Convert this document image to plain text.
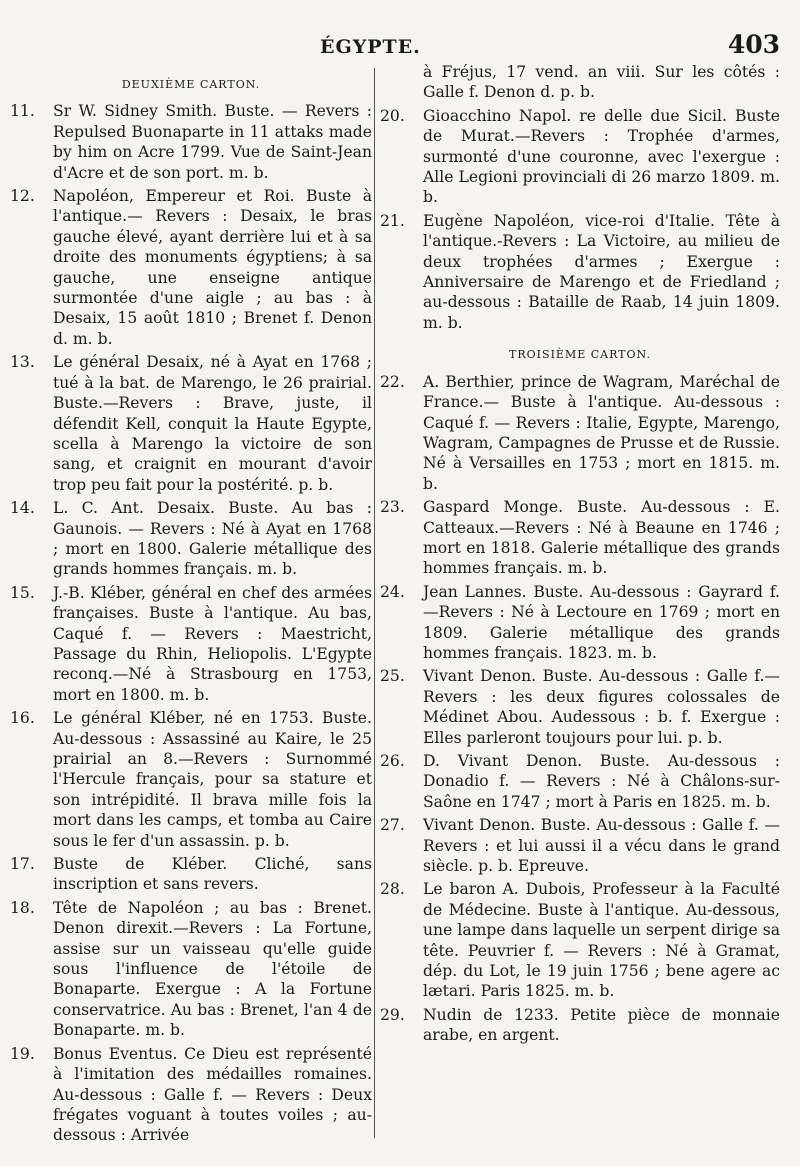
ÉGYPTE.	403
DEUXIÈME CARTON.
11. Sr W. Sidney Smith. Buste. — Revers : Repulsed Buonaparte in 11 attaks made by him on Acre 1799. Vue de Saint-Jean d'Acre et de son port. m. b.
12. Napoléon, Empereur et Roi. Buste à l'antique.— Revers : Desaix, le bras gauche élevé, ayant derrière lui et à sa droite des monuments égyptiens; à sa gauche, une enseigne antique surmontée d'une aigle ; au bas : à Desaix, 15 août 1810 ; Brenet f. Denon d. m. b.
13. Le général Desaix, né à Ayat en 1768 ; tué à la bat. de Marengo, le 26 prairial. Buste.—Revers : Brave, juste, il défendit Kell, conquit la Haute Egypte, scella à Marengo la victoire de son sang, et craignit en mourant d'avoir trop peu fait pour la postérité. p. b.
14. L. C. Ant. Desaix. Buste. Au bas : Gaunois. — Revers : Né à Ayat en 1768 ; mort en 1800. Galerie métallique des grands hommes français. m. b.
15. J.-B. Kléber, général en chef des armées françaises. Buste à l'antique. Au bas, Caqué f. — Revers : Maestricht, Passage du Rhin, Heliopolis. L'Egypte reconq.—Né à Strasbourg en 1753, mort en 1800. m. b.
16. Le général Kléber, né en 1753. Buste. Au-dessous : Assassiné au Kaire, le 25 prairial an 8.—Revers : Surnommé l'Hercule français, pour sa stature et son intrépidité. Il brava mille fois la mort dans les camps, et tomba au Caire sous le fer d'un assassin. p. b.
17. Buste de Kléber. Cliché, sans inscription et sans revers.
18. Tête de Napoléon ; au bas : Brenet. Denon direxit.—Revers : La Fortune, assise sur un vaisseau qu'elle guide sous l'influence de l'étoile de Bonaparte. Exergue : A la Fortune conservatrice. Au bas : Brenet, l'an 4 de Bonaparte. m. b.
19. Bonus Eventus. Ce Dieu est représenté à l'imitation des médailles romaines. Au-dessous : Galle f. — Revers : Deux frégates voguant à toutes voiles ; au-dessous : Arrivée
à Fréjus, 17 vend. an viii. Sur les côtés : Galle f. Denon d. p. b.
20. Gioacchino Napol. re delle due Sicil. Buste de Murat.—Revers : Trophée d'armes, surmonté d'une couronne, avec l'exergue : Alle Legioni provinciali di 26 marzo 1809. m. b.
21. Eugène Napoléon, vice-roi d'Italie. Tête à l'antique.-Revers : La Victoire, au milieu de deux trophées d'armes ; Exergue : Anniversaire de Marengo et de Friedland ; au-dessous : Bataille de Raab, 14 juin 1809. m. b.
TROISIÈME CARTON.
22. A. Berthier, prince de Wagram, Maréchal de France.— Buste à l'antique. Au-dessous : Caqué f. — Revers : Italie, Egypte, Marengo, Wagram, Campagnes de Prusse et de Russie. Né à Versailles en 1753 ; mort en 1815. m. b.
23. Gaspard Monge. Buste. Au-dessous : E. Catteaux.—Revers : Né à Beaune en 1746 ; mort en 1818. Galerie métallique des grands hommes français. m. b.
24. Jean Lannes. Buste. Au-dessous : Gayrard f.—Revers : Né à Lectoure en 1769 ; mort en 1809. Galerie métallique des grands hommes français. 1823. m. b.
25. Vivant Denon. Buste. Au-dessous : Galle f.—Revers : les deux figures colossales de Médinet Abou. Audessous : b. f. Exergue : Elles parleront toujours pour lui. p. b.
26. D. Vivant Denon. Buste. Au-dessous : Donadio f. — Revers : Né à Châlons-sur-Saône en 1747 ; mort à Paris en 1825. m. b.
27. Vivant Denon. Buste. Au-dessous : Galle f. — Revers : et lui aussi il a vécu dans le grand siècle. p. b. Epreuve.
28. Le baron A. Dubois, Professeur à la Faculté de Médecine. Buste à l'antique. Au-dessous, une lampe dans laquelle un serpent dirige sa tête. Peuvrier f. — Revers : Né à Gramat, dép. du Lot, le 19 juin 1756 ; bene agere ac lætari. Paris 1825. m. b.
29. Nudin de 1233. Petite pièce de monnaie arabe, en argent.
